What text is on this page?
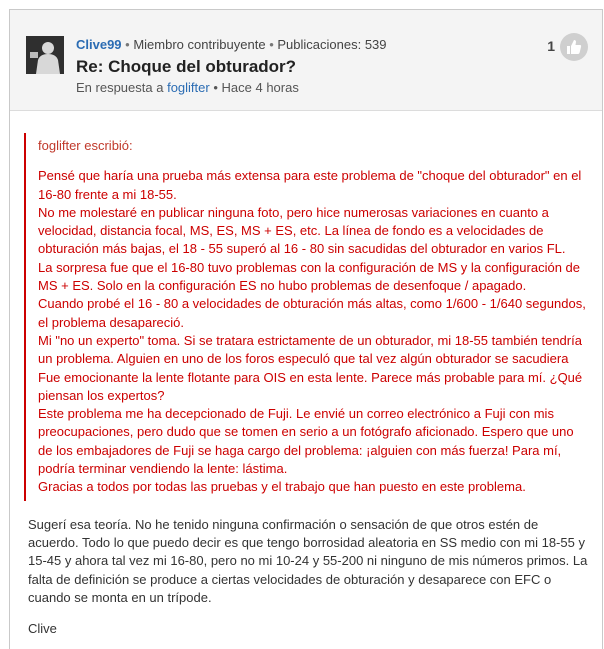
Clive99 • Miembro contribuyente • Publicaciones: 539
Re: Choque del obturador?
En respuesta a foglifter • Hace 4 horas
1
foglifter escribió:

Pensé que haría una prueba más extensa para este problema de "choque del obturador" en el 16-80 frente a mi 18-55.

No me molestaré en publicar ninguna foto, pero hice numerosas variaciones en cuanto a velocidad, distancia focal, MS, ES, MS + ES, etc. La línea de fondo es a velocidades de obturación más bajas, el 18 - 55 superó al 16 - 80 sin sacudidas del obturador en varios FL.

La sorpresa fue que el 16-80 tuvo problemas con la configuración de MS y la configuración de MS + ES. Solo en la configuración ES no hubo problemas de desenfoque / apagado.

Cuando probé el 16 - 80 a velocidades de obturación más altas, como 1/600 - 1/640 segundos, el problema desapareció.

Mi "no un experto" toma. Si se tratara estrictamente de un obturador, mi 18-55 también tendría un problema. Alguien en uno de los foros especuló que tal vez algún obturador se sacudiera

Fue emocionante la lente flotante para OIS en esta lente. Parece más probable para mí. ¿Qué piensan los expertos?

Este problema me ha decepcionado de Fuji. Le envié un correo electrónico a Fuji con mis preocupaciones, pero dudo que se tomen en serio a un fotógrafo aficionado. Espero que uno de los embajadores de Fuji se haga cargo del problema: ¡alguien con más fuerza! Para mí, podría terminar vendiendo la lente: lástima.

Gracias a todos por todas las pruebas y el trabajo que han puesto en este problema.

Sugerí esa teoría. No he tenido ninguna confirmación o sensación de que otros estén de acuerdo. Todo lo que puedo decir es que tengo borrosidad aleatoria en SS medio con mi 18-55 y 15-45 y ahora tal vez mi 16-80, pero no mi 10-24 y 55-200 ni ninguno de mis números primos. La falta de definición se produce a ciertas velocidades de obturación y desaparece con EFC o cuando se monta en un trípode.
Clive
